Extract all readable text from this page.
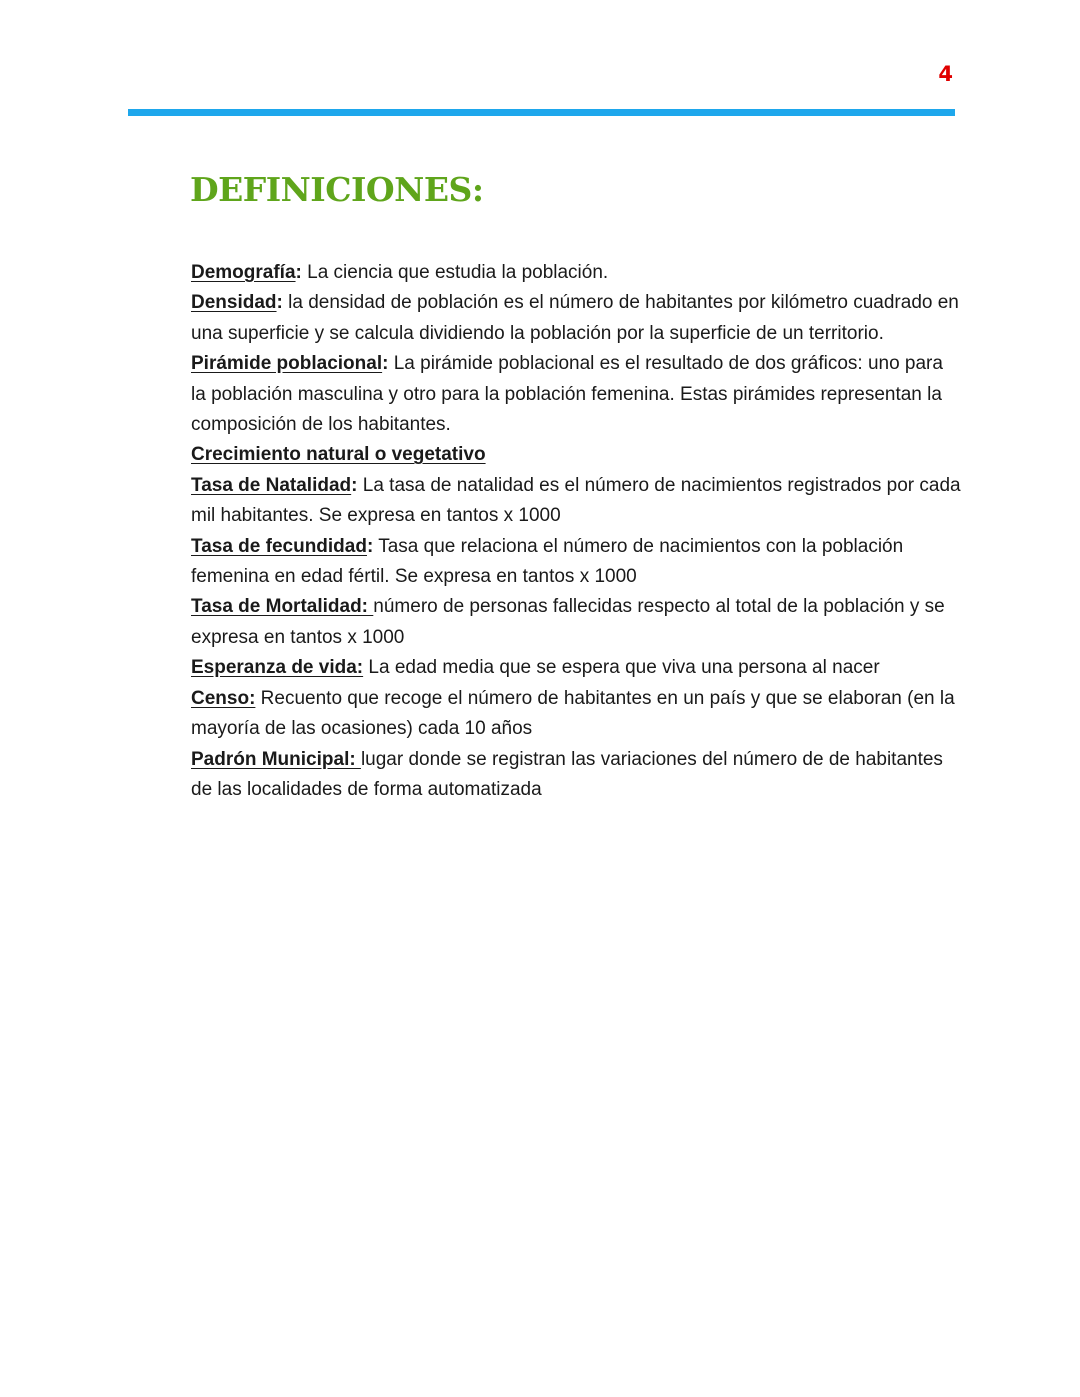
4
DEFINICIONES:

Demografía: La ciencia que estudia la población.

Densidad: la densidad de población es el número de habitantes por kilómetro cuadrado en una superficie y se calcula dividiendo la población por la superficie de un territorio.

Pirámide poblacional: La pirámide poblacional es el resultado de dos gráficos: uno para la población masculina y otro para la población femenina. Estas pirámides representan la composición de los habitantes.

Crecimiento natural o vegetativo

Tasa de Natalidad: La tasa de natalidad es el número de nacimientos registrados por cada mil habitantes. Se expresa en tantos x 1000

Tasa de fecundidad: Tasa que relaciona el número de nacimientos con la población femenina en edad fértil. Se expresa en tantos x 1000

Tasa de Mortalidad: número de personas fallecidas respecto al total de la población y se expresa en tantos x 1000

Esperanza de vida: La edad media que se espera que viva una persona al nacer

Censo: Recuento que recoge el número de habitantes en un país y que se elaboran (en la mayoría de las ocasiones) cada 10 años

Padrón Municipal: lugar donde se registran las variaciones del número de de habitantes de las localidades de forma automatizada
